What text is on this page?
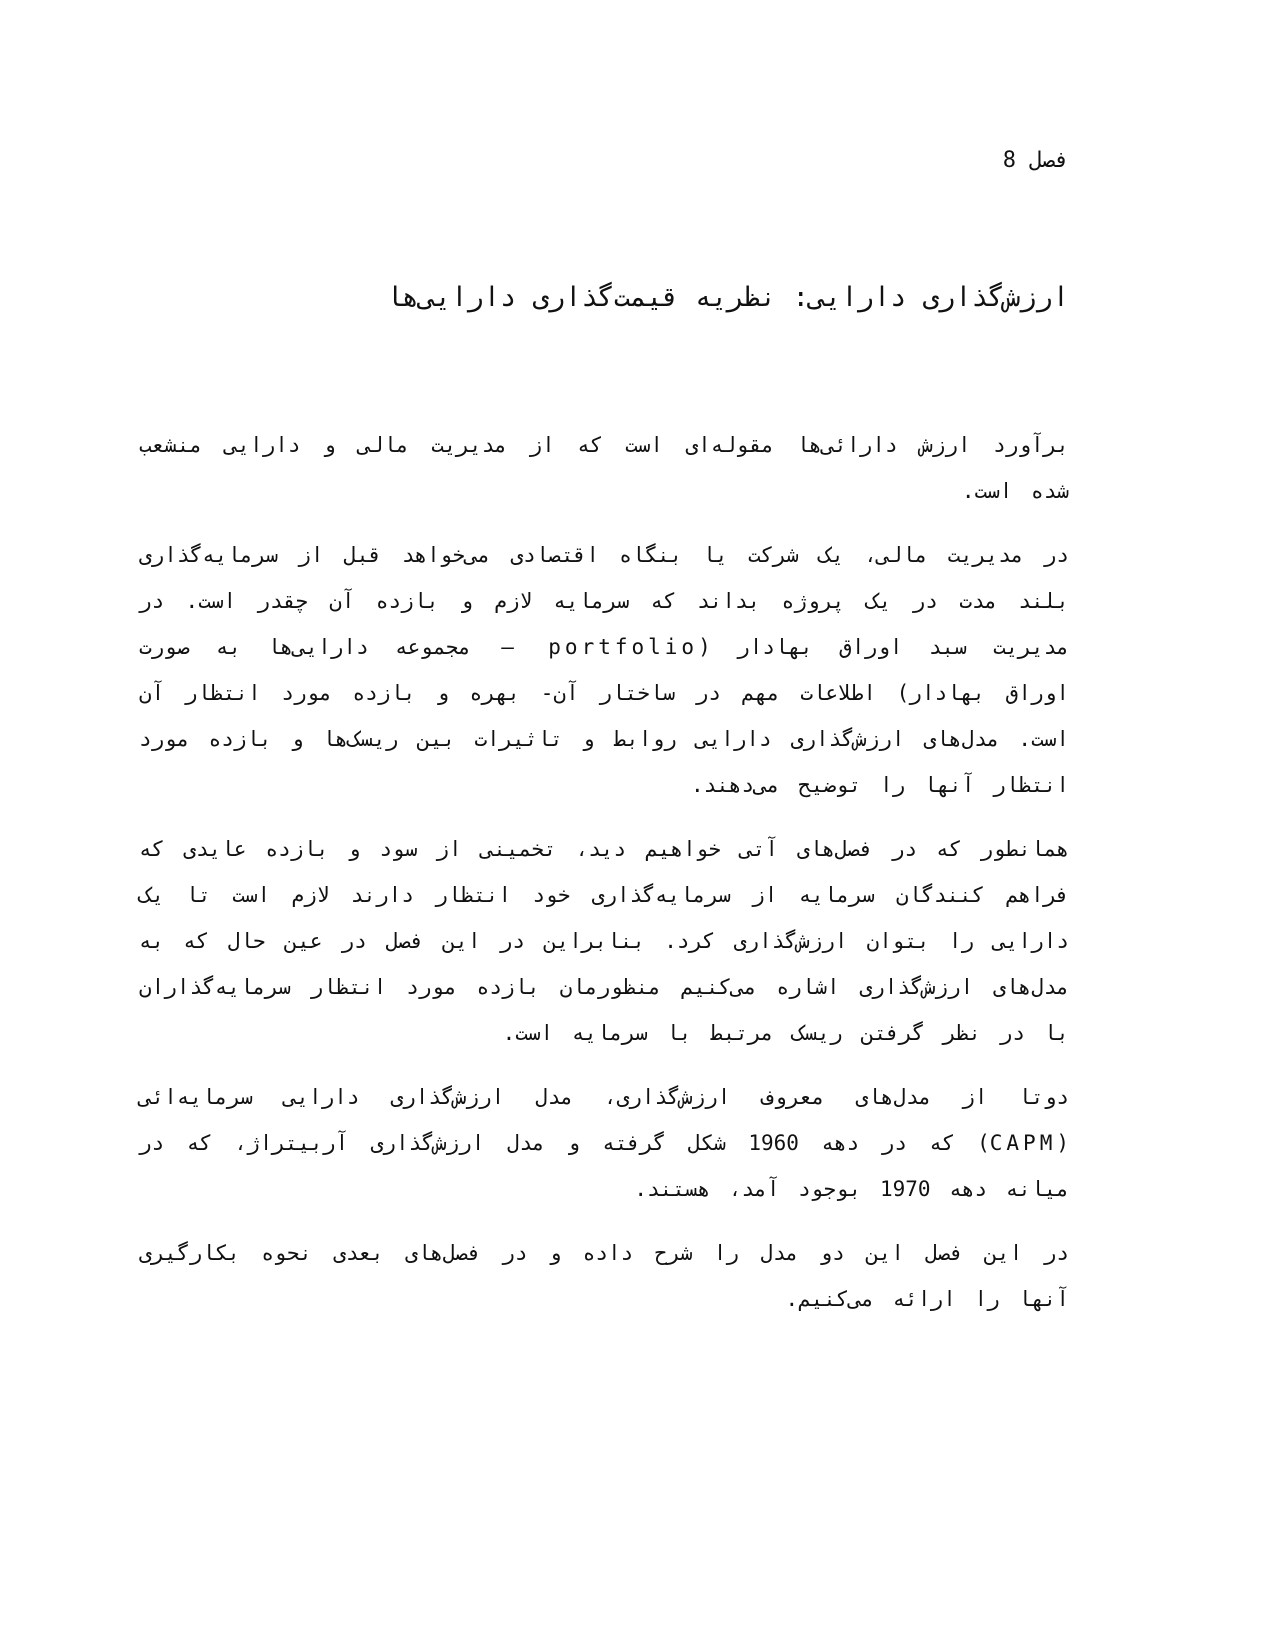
فصل 8
ارزش‌گذاری دارایی: نظریه قیمت‌گذاری دارایی‌ها

برآورد ارزش دارائی‌ها مقوله‌ای است که از مدیریت مالی و دارایی منشعب شده است.

در مدیریت مالی، یک شرکت یا بنگاه اقتصادی می‌خواهد قبل از سرمایه‌گذاری بلند مدت در یک پروژه بداند که سرمایه لازم و بازده آن چقدر است. در مدیریت سبد اوراق بهادار (portfolio – مجموعه دارایی‌ها به صورت اوراق بهادار) اطلاعات مهم در ساختار آن- بهره و بازده مورد انتظار آن است. مدل‌های ارزش‌گذاری دارایی روابط و تاثیرات بین ریسک‌ها و بازده مورد انتظار آنها را توضیح می‌دهند.

همانطور که در فصل‌های آتی خواهیم دید، تخمینی از سود و بازده عایدی که فراهم کنندگان سرمایه از سرمایه‌گذاری خود انتظار دارند لازم است تا یک دارایی را بتوان ارزش‌گذاری کرد. بنابراین در این فصل در عین حال که به مدل‌های ارزش‌گذاری اشاره می‌کنیم منظورمان بازده مورد انتظار سرمایه‌گذاران با در نظر گرفتن ریسک مرتبط با سرمایه است.

دوتا از مدل‌های معروف ارزش‌گذاری، مدل ارزش‌گذاری دارایی سرمایه‌ائی (CAPM) که در دهه 1960 شکل گرفته و مدل ارزش‌گذاری آربیتراژ، که در میانه دهه 1970 بوجود آمد، هستند.

در این فصل این دو مدل را شرح داده و در فصل‌های بعدی نحوه بکارگیری آنها را ارائه می‌کنیم.
